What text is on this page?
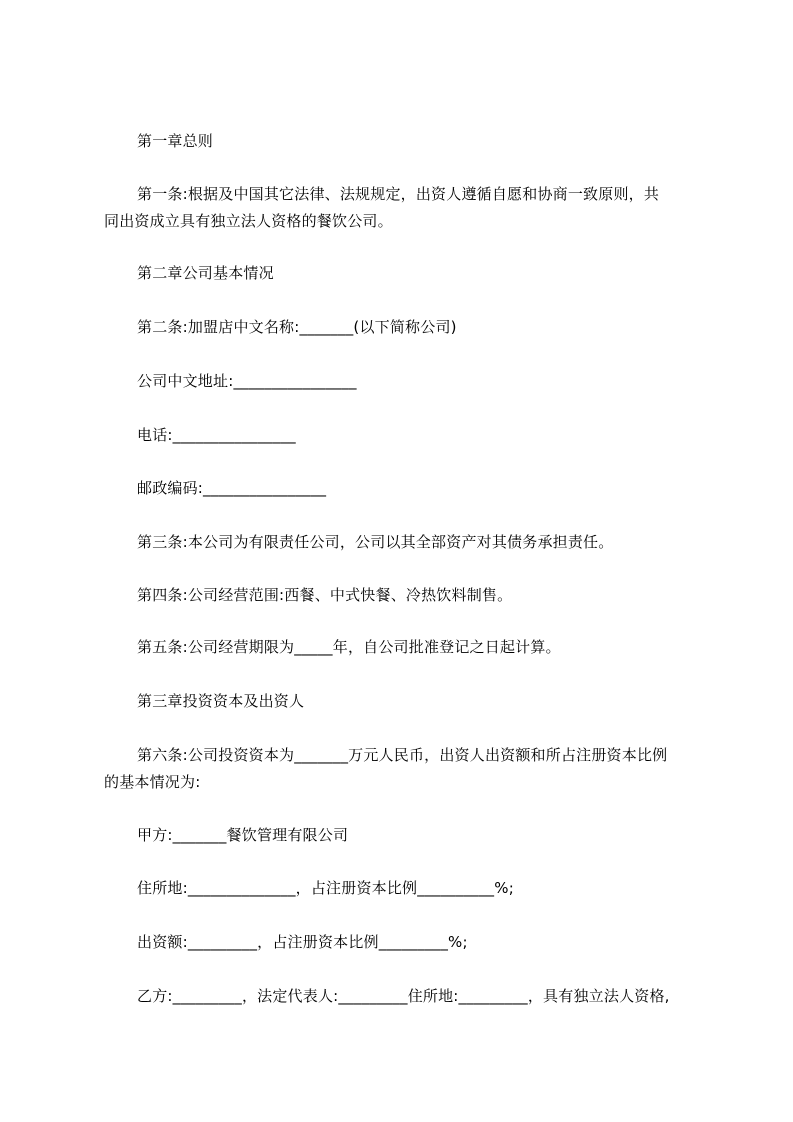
第一章总则

第一条:根据及中国其它法律、法规规定，出资人遵循自愿和协商一致原则，共

同出资成立具有独立法人资格的餐饮公司。

第二章公司基本情况

第二条:加盟店中文名称:_______(以下简称公司)

公司中文地址:________________

电话:________________

邮政编码:________________

第三条:本公司为有限责任公司，公司以其全部资产对其债务承担责任。

第四条:公司经营范围:西餐、中式快餐、冷热饮料制售。

第五条:公司经营期限为_____年，自公司批准登记之日起计算。

第三章投资资本及出资人

第六条:公司投资资本为_______万元人民币，出资人出资额和所占注册资本比例

的基本情况为:

甲方:_______餐饮管理有限公司

住所地:______________，占注册资本比例__________%;

出资额:_________，占注册资本比例_________%;

乙方:_________，法定代表人:_________住所地:_________，具有独立法人资格,
